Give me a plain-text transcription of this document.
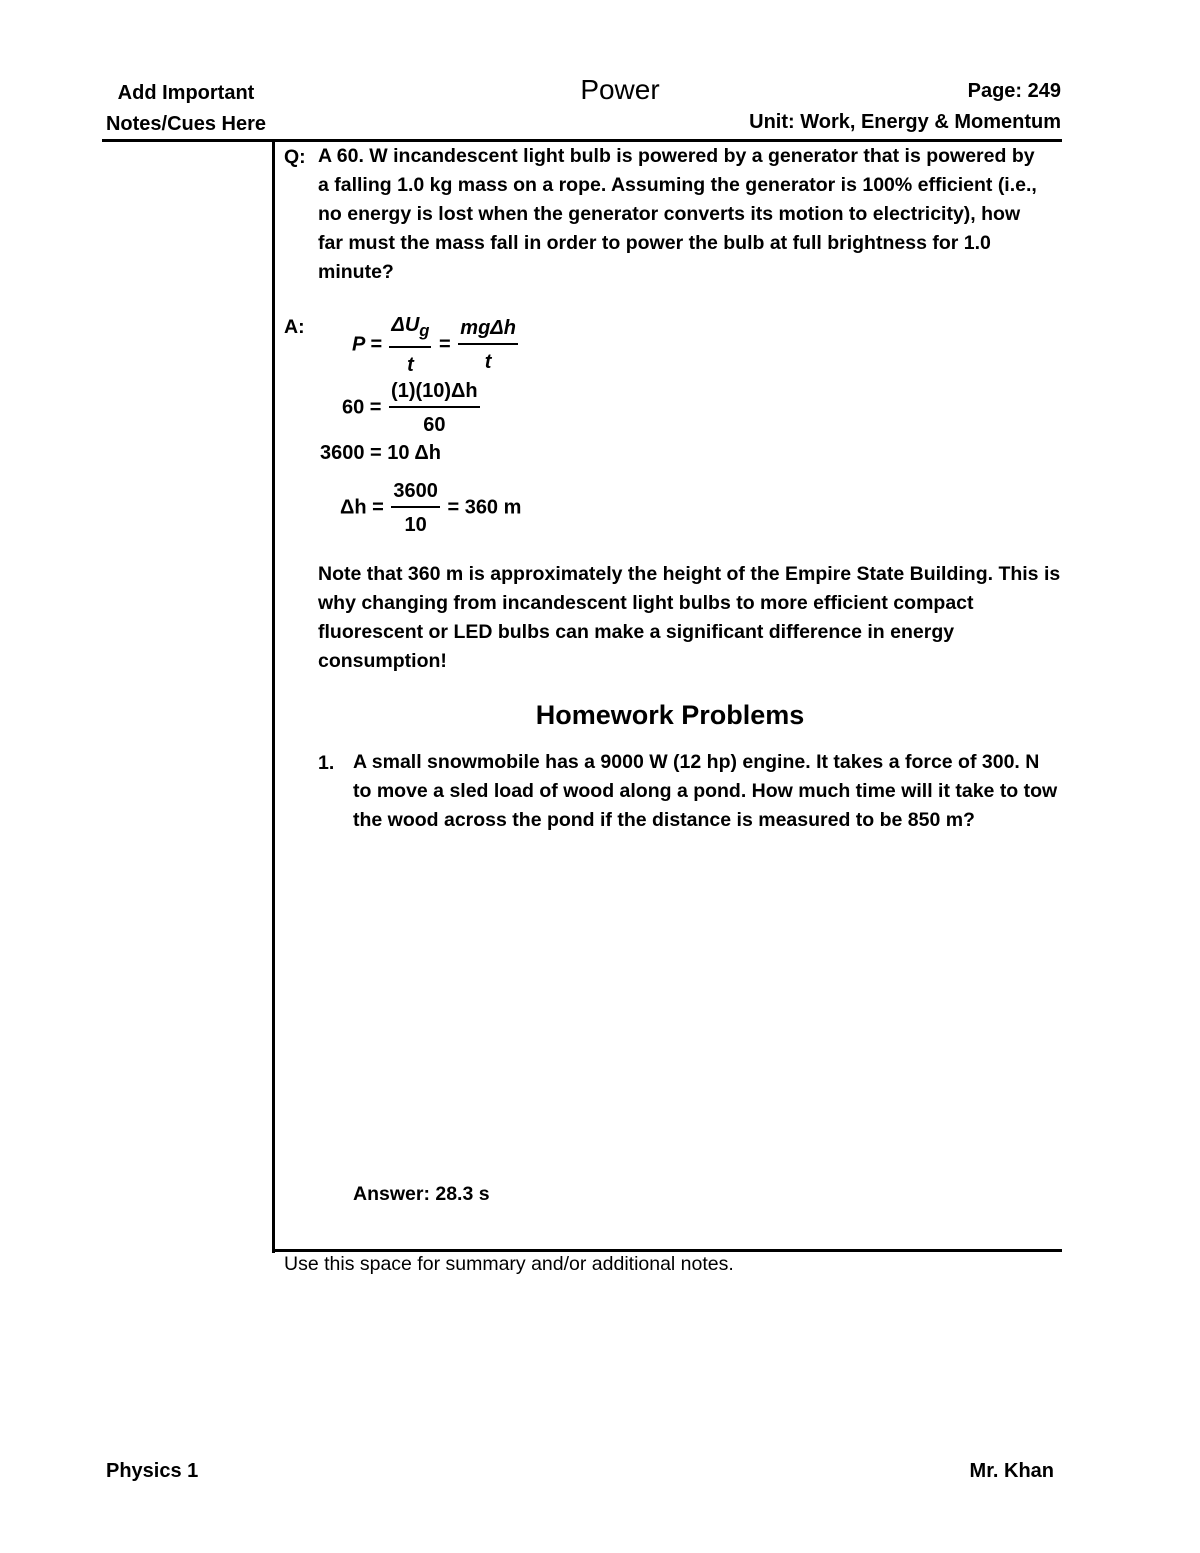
Add Important
Notes/Cues Here
Power	Page: 249
Unit: Work, Energy & Momentum
Q: A 60. W incandescent light bulb is powered by a generator that is powered by a falling 1.0 kg mass on a rope. Assuming the generator is 100% efficient (i.e., no energy is lost when the generator converts its motion to electricity), how far must the mass fall in order to power the bulb at full brightness for 1.0 minute?
A:
$P = \frac{\Delta U_g}{t} = \frac{\text{mgΔh}}{t}$
$60 = \frac{(1)(10)\Delta h}{60}$
3600 = 10 Δh
$\Delta h = \frac{3600}{10} = 360$ m
Note that 360 m is approximately the height of the Empire State Building. This is why changing from incandescent light bulbs to more efficient compact fluorescent or LED bulbs can make a significant difference in energy consumption!
Homework Problems
1. A small snowmobile has a 9000 W (12 hp) engine. It takes a force of 300. N to move a sled load of wood along a pond. How much time will it take to tow the wood across the pond if the distance is measured to be 850 m?
Answer: 28.3 s
Use this space for summary and/or additional notes.
Physics 1	Mr. Khan
